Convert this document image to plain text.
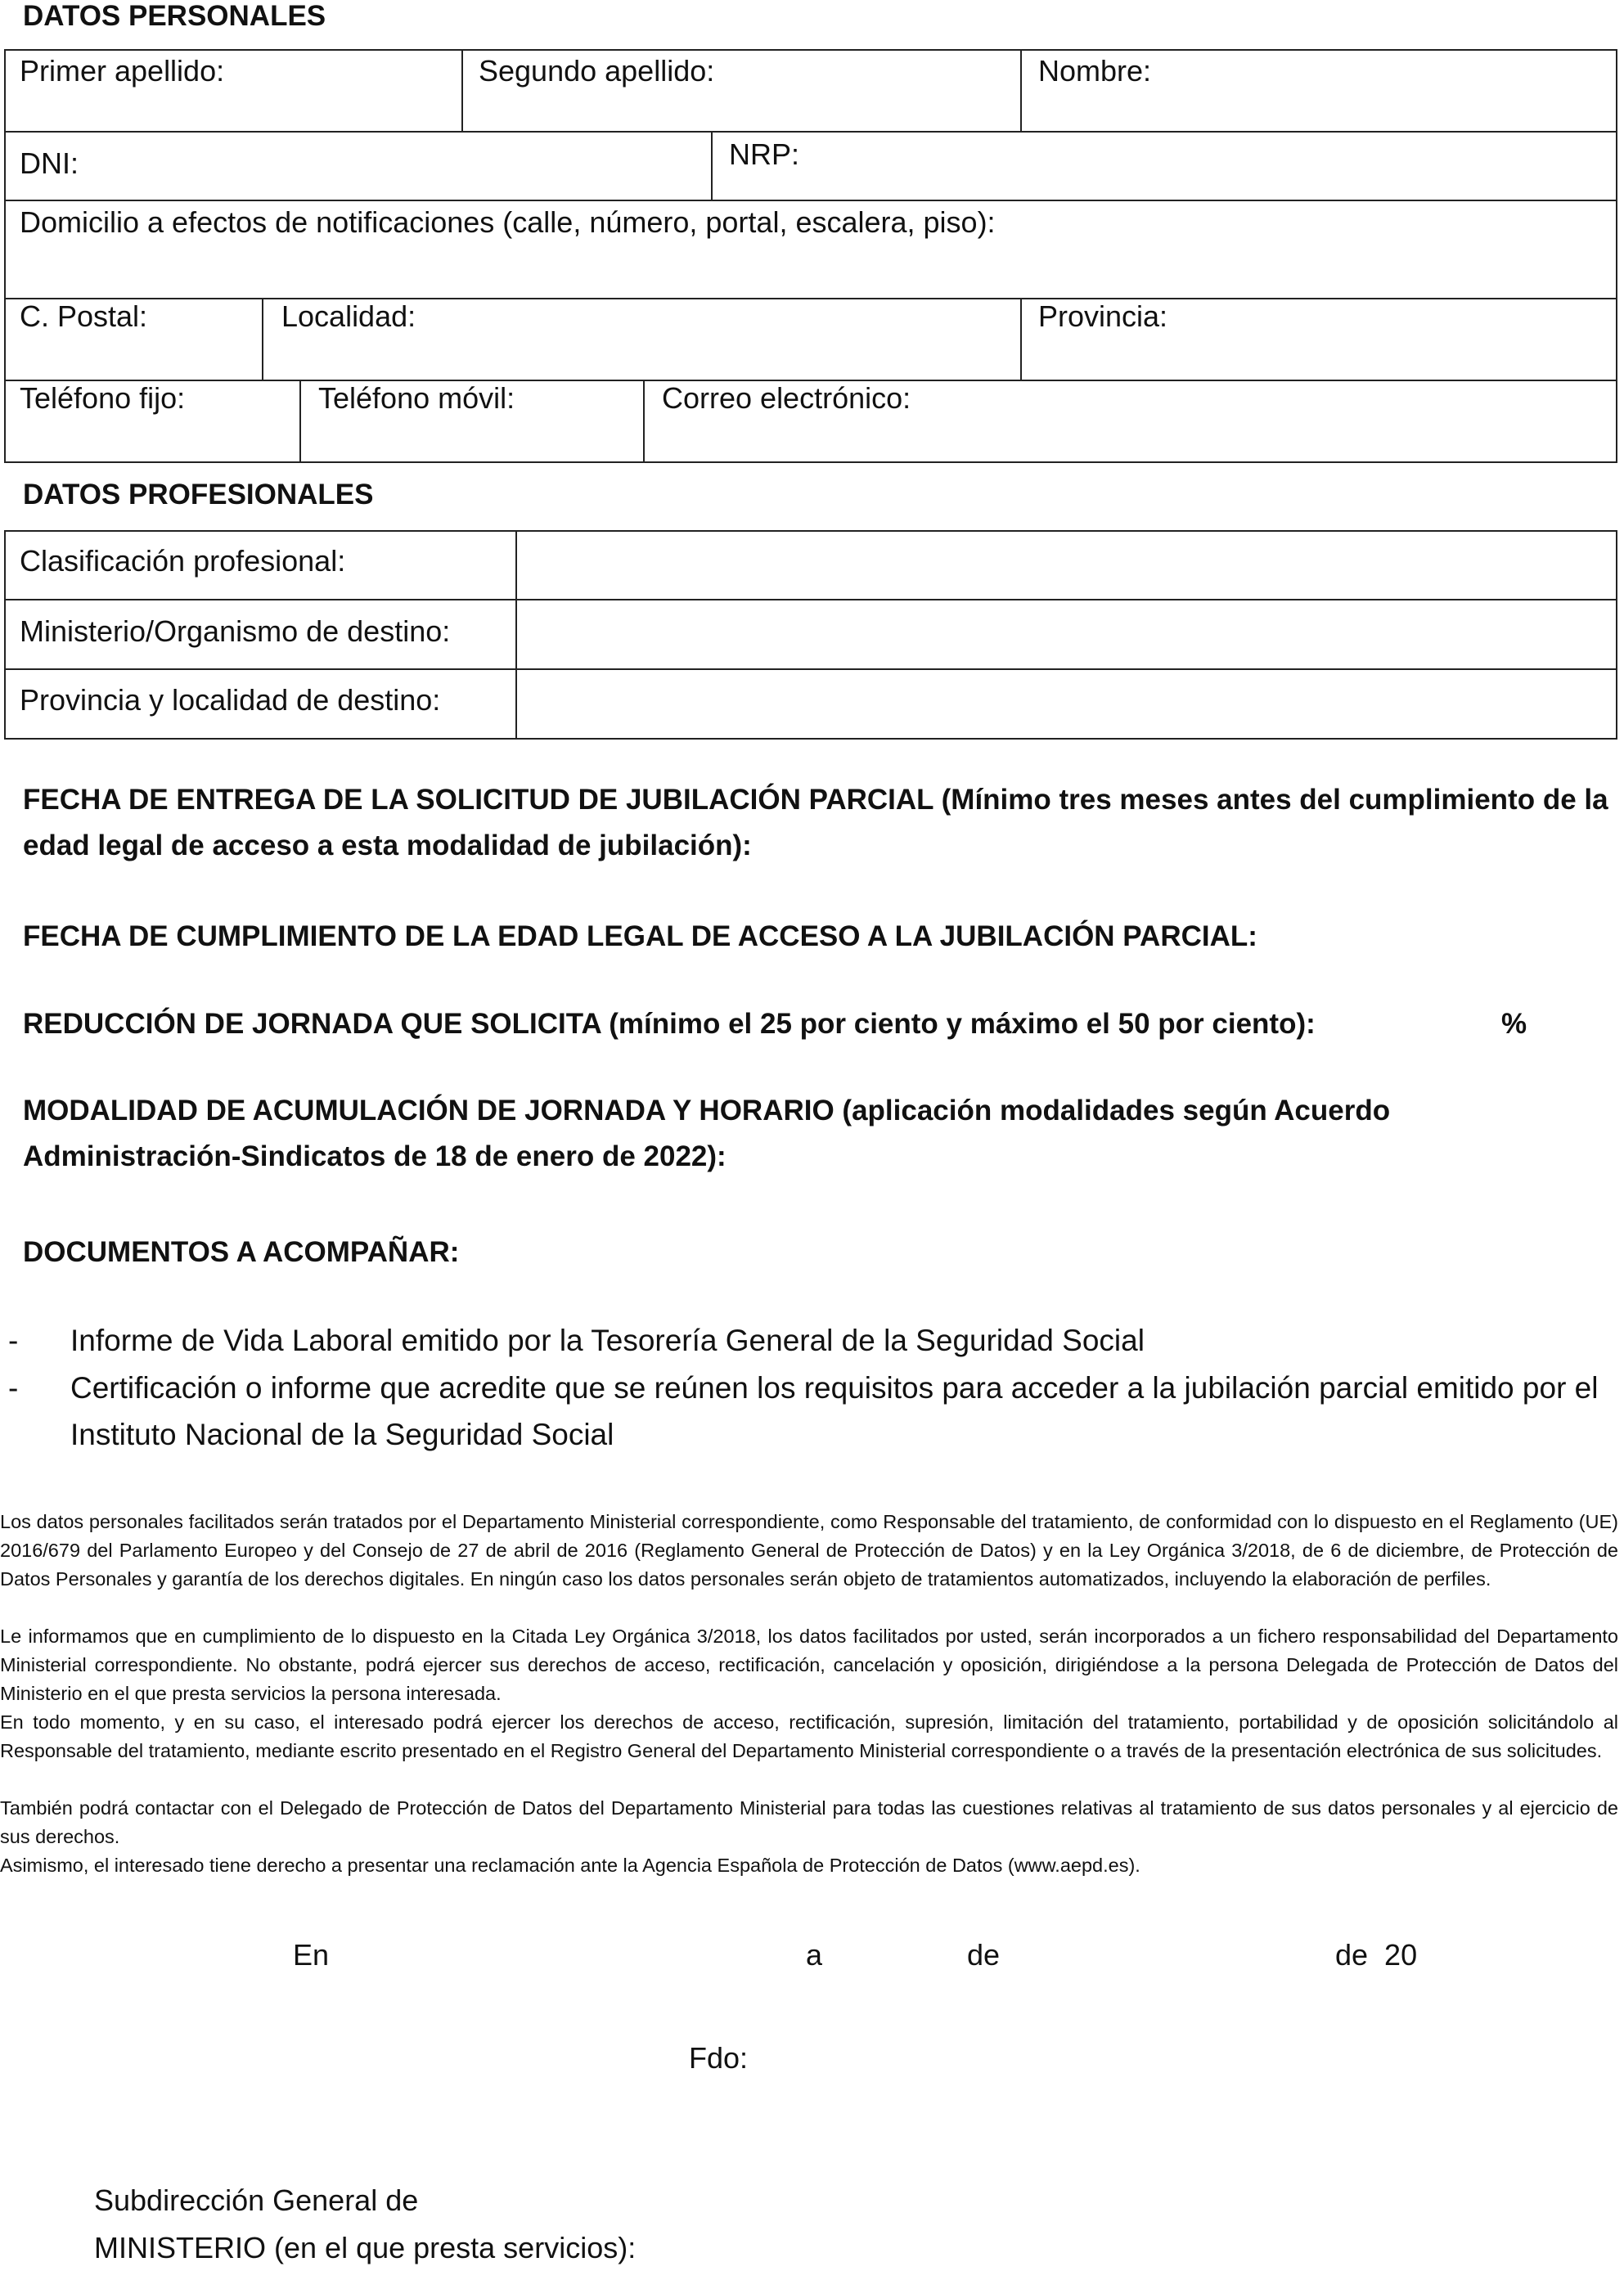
DATOS PERSONALES
Primer apellido:	Segundo apellido:	Nombre:
DNI:	NRP:
Domicilio a efectos de notificaciones (calle, número, portal, escalera, piso):
C. Postal:	Localidad:	Provincia:
Teléfono fijo:	Teléfono móvil:	Correo electrónico:
DATOS PROFESIONALES
Clasificación profesional:
Ministerio/Organismo de destino:
Provincia y localidad de destino:
FECHA DE ENTREGA DE LA SOLICITUD DE JUBILACIÓN PARCIAL (Mínimo tres meses antes del cumplimiento de la edad legal de acceso a esta modalidad de jubilación):
FECHA DE CUMPLIMIENTO DE LA EDAD LEGAL DE ACCESO A LA JUBILACIÓN PARCIAL:
REDUCCIÓN DE JORNADA QUE SOLICITA (mínimo el 25 por ciento y máximo el 50 por ciento):	%
MODALIDAD DE ACUMULACIÓN DE JORNADA Y HORARIO (aplicación modalidades según Acuerdo Administración-Sindicatos de 18 de enero de 2022):
DOCUMENTOS A ACOMPAÑAR:
- Informe de Vida Laboral emitido por la Tesorería General de la Seguridad Social
- Certificación o informe que acredite que se reúnen los requisitos para acceder a la jubilación parcial emitido por el Instituto Nacional de la Seguridad Social
Los datos personales facilitados serán tratados por el Departamento Ministerial correspondiente, como Responsable del tratamiento, de conformidad con lo dispuesto en el Reglamento (UE) 2016/679 del Parlamento Europeo y del Consejo de 27 de abril de 2016 (Reglamento General de Protección de Datos) y en la Ley Orgánica 3/2018, de 6 de diciembre, de Protección de Datos Personales y garantía de los derechos digitales. En ningún caso los datos personales serán objeto de tratamientos automatizados, incluyendo la elaboración de perfiles.
Le informamos que en cumplimiento de lo dispuesto en la Citada Ley Orgánica 3/2018, los datos facilitados por usted, serán incorporados a un fichero responsabilidad del Departamento Ministerial correspondiente. No obstante, podrá ejercer sus derechos de acceso, rectificación, cancelación y oposición, dirigiéndose a la persona Delegada de Protección de Datos del Ministerio en el que presta servicios la persona interesada.
En todo momento, y en su caso, el interesado podrá ejercer los derechos de acceso, rectificación, supresión, limitación del tratamiento, portabilidad y de oposición solicitándolo al Responsable del tratamiento, mediante escrito presentado en el Registro General del Departamento Ministerial correspondiente o a través de la presentación electrónica de sus solicitudes.
También podrá contactar con el Delegado de Protección de Datos del Departamento Ministerial para todas las cuestiones relativas al tratamiento de sus datos personales y al ejercicio de sus derechos.
Asimismo, el interesado tiene derecho a presentar una reclamación ante la Agencia Española de Protección de Datos (www.aepd.es).
En	a	de	de  20
Fdo:
Subdirección General de
MINISTERIO (en el que presta servicios):
